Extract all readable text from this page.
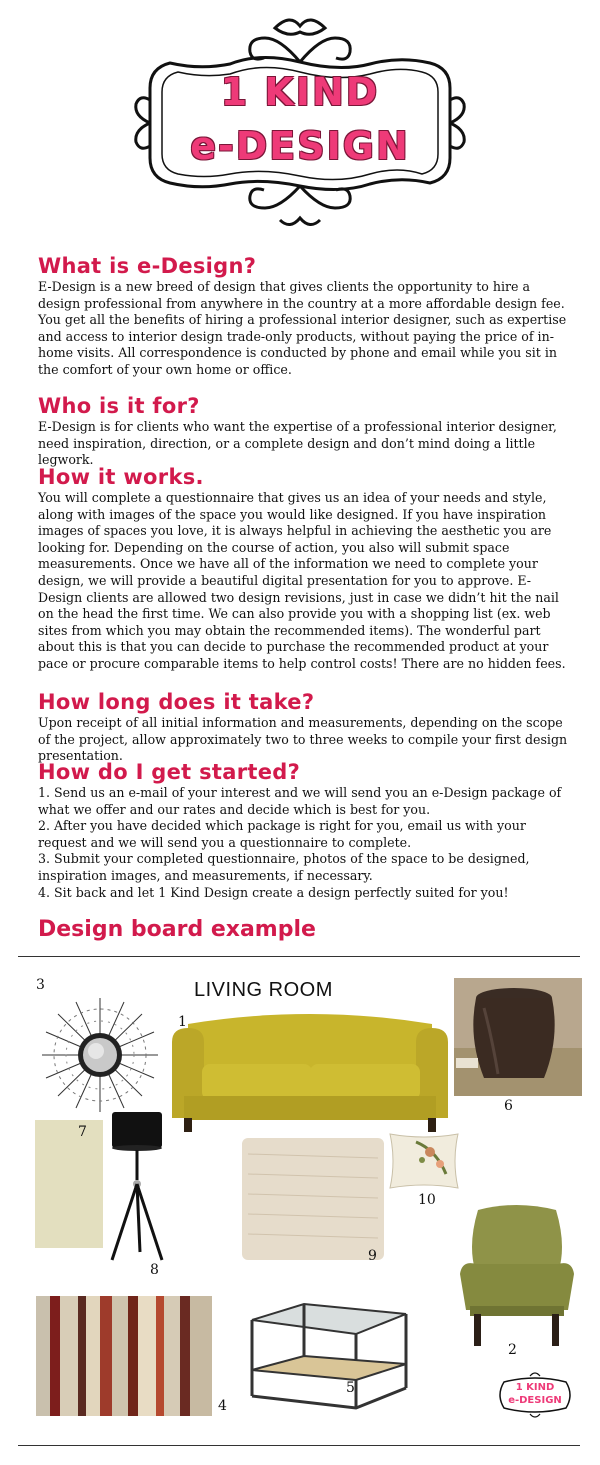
1 KIND
e-DESIGN
What is e-Design?

E-Design is a new breed of design that gives clients the opportunity to hire a design professional from anywhere in the country at a more affordable design fee. You get all the benefits of hiring a professional interior designer, such as expertise and access to interior design trade-only products, without paying the price of in-home visits. All correspondence is conducted by phone and email while you sit in the comfort of your own home or office.

Who is it for?

E-Design is for clients who want the expertise of a professional interior designer, need inspiration, direction, or a complete design and don’t mind doing a little legwork.

How it works.

You will complete a questionnaire that gives us an idea of your needs and style, along with images of the space you would like designed. If you have inspiration images of spaces you love, it is always helpful in achieving the aesthetic you are looking for. Depending on the course of action, you also will submit space measurements. Once we have all of the information we need to complete your design, we will provide a beautiful digital presentation for you to approve. E-Design clients are allowed two design revisions, just in case we didn’t hit the nail on the head the first time. We can also provide you with a shopping list (ex. web sites from which you may obtain the recommended items). The wonderful part about this is that you can decide to purchase the recommended product at your pace or procure comparable items to help control costs! There are no hidden fees.

How long does it take?

Upon receipt of all initial information and measurements, depending on the scope of the project, allow approximately two to three weeks to compile your first design presentation.

How do I get started?

1. Send us an e-mail of your interest and we will send you an e-Design package of what we offer and our rates and decide which is best for you.

2. After you have decided which package is right for you, email us with your request and we will send you a questionnaire to complete.

3. Submit your completed questionnaire, photos of the space to be designed, inspiration images, and measurements, if necessary.

4. Sit back and let 1 Kind Design create a design perfectly suited for you!

Design board example
LIVING ROOM
3
1
6
7
10
9
8
2
5
4
1 KIND
e-DESIGN
